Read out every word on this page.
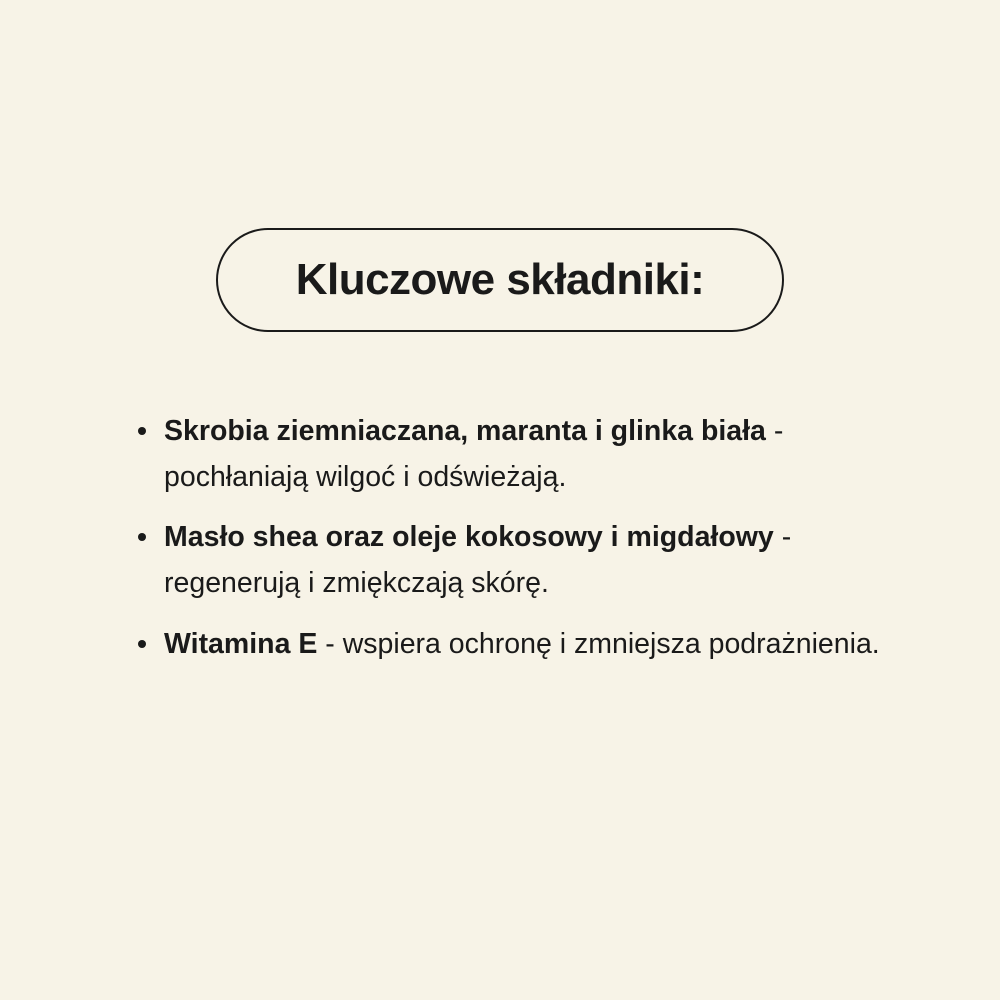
Kluczowe składniki:
Skrobia ziemniaczana, maranta i glinka biała - pochłaniają wilgoć i odświeżają.
Masło shea oraz oleje kokosowy i migdałowy - regenerują i zmiękczają skórę.
Witamina E - wspiera ochronę i zmniejsza podrażnienia.
